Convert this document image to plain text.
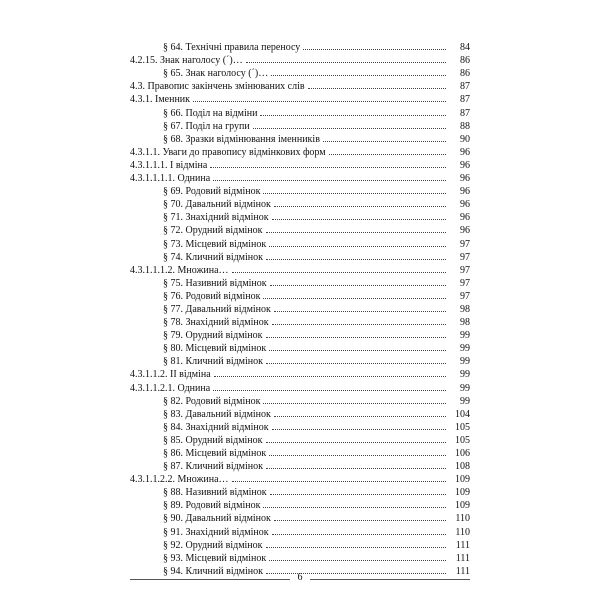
§ 64. Технічні правила переносу	84
4.2.15. Знак наголосу (ˊ)…	86
§ 65. Знак наголосу (ˊ)…	86
4.3. Правопис закінчень змінюваних слів	87
4.3.1. Іменник	87
§ 66. Поділ на відміни	87
§ 67. Поділ на групи	88
§ 68. Зразки відмінювання іменників	90
4.3.1.1. Уваги до правопису відмінкових форм	96
4.3.1.1.1. I відміна	96
4.3.1.1.1.1. Однина	96
§ 69. Родовий відмінок	96
§ 70. Давальний відмінок	96
§ 71. Знахідний відмінок	96
§ 72. Орудний відмінок	96
§ 73. Місцевий відмінок	97
§ 74. Кличний відмінок	97
4.3.1.1.1.2. Множина…	97
§ 75. Називний відмінок	97
§ 76. Родовий відмінок	97
§ 77. Давальний відмінок	98
§ 78. Знахідний відмінок	98
§ 79. Орудний відмінок	99
§ 80. Місцевий відмінок	99
§ 81. Кличний відмінок	99
4.3.1.1.2. II відміна	99
4.3.1.1.2.1. Однина	99
§ 82. Родовий відмінок	99
§ 83. Давальний відмінок	104
§ 84. Знахідний відмінок	105
§ 85. Орудний відмінок	105
§ 86. Місцевий відмінок	106
§ 87. Кличний відмінок	108
4.3.1.1.2.2. Множина…	109
§ 88. Називний відмінок	109
§ 89. Родовий відмінок	109
§ 90. Давальний відмінок	110
§ 91. Знахідний відмінок	110
§ 92. Орудний відмінок	111
§ 93. Місцевий відмінок	111
§ 94. Кличний відмінок	111
6
